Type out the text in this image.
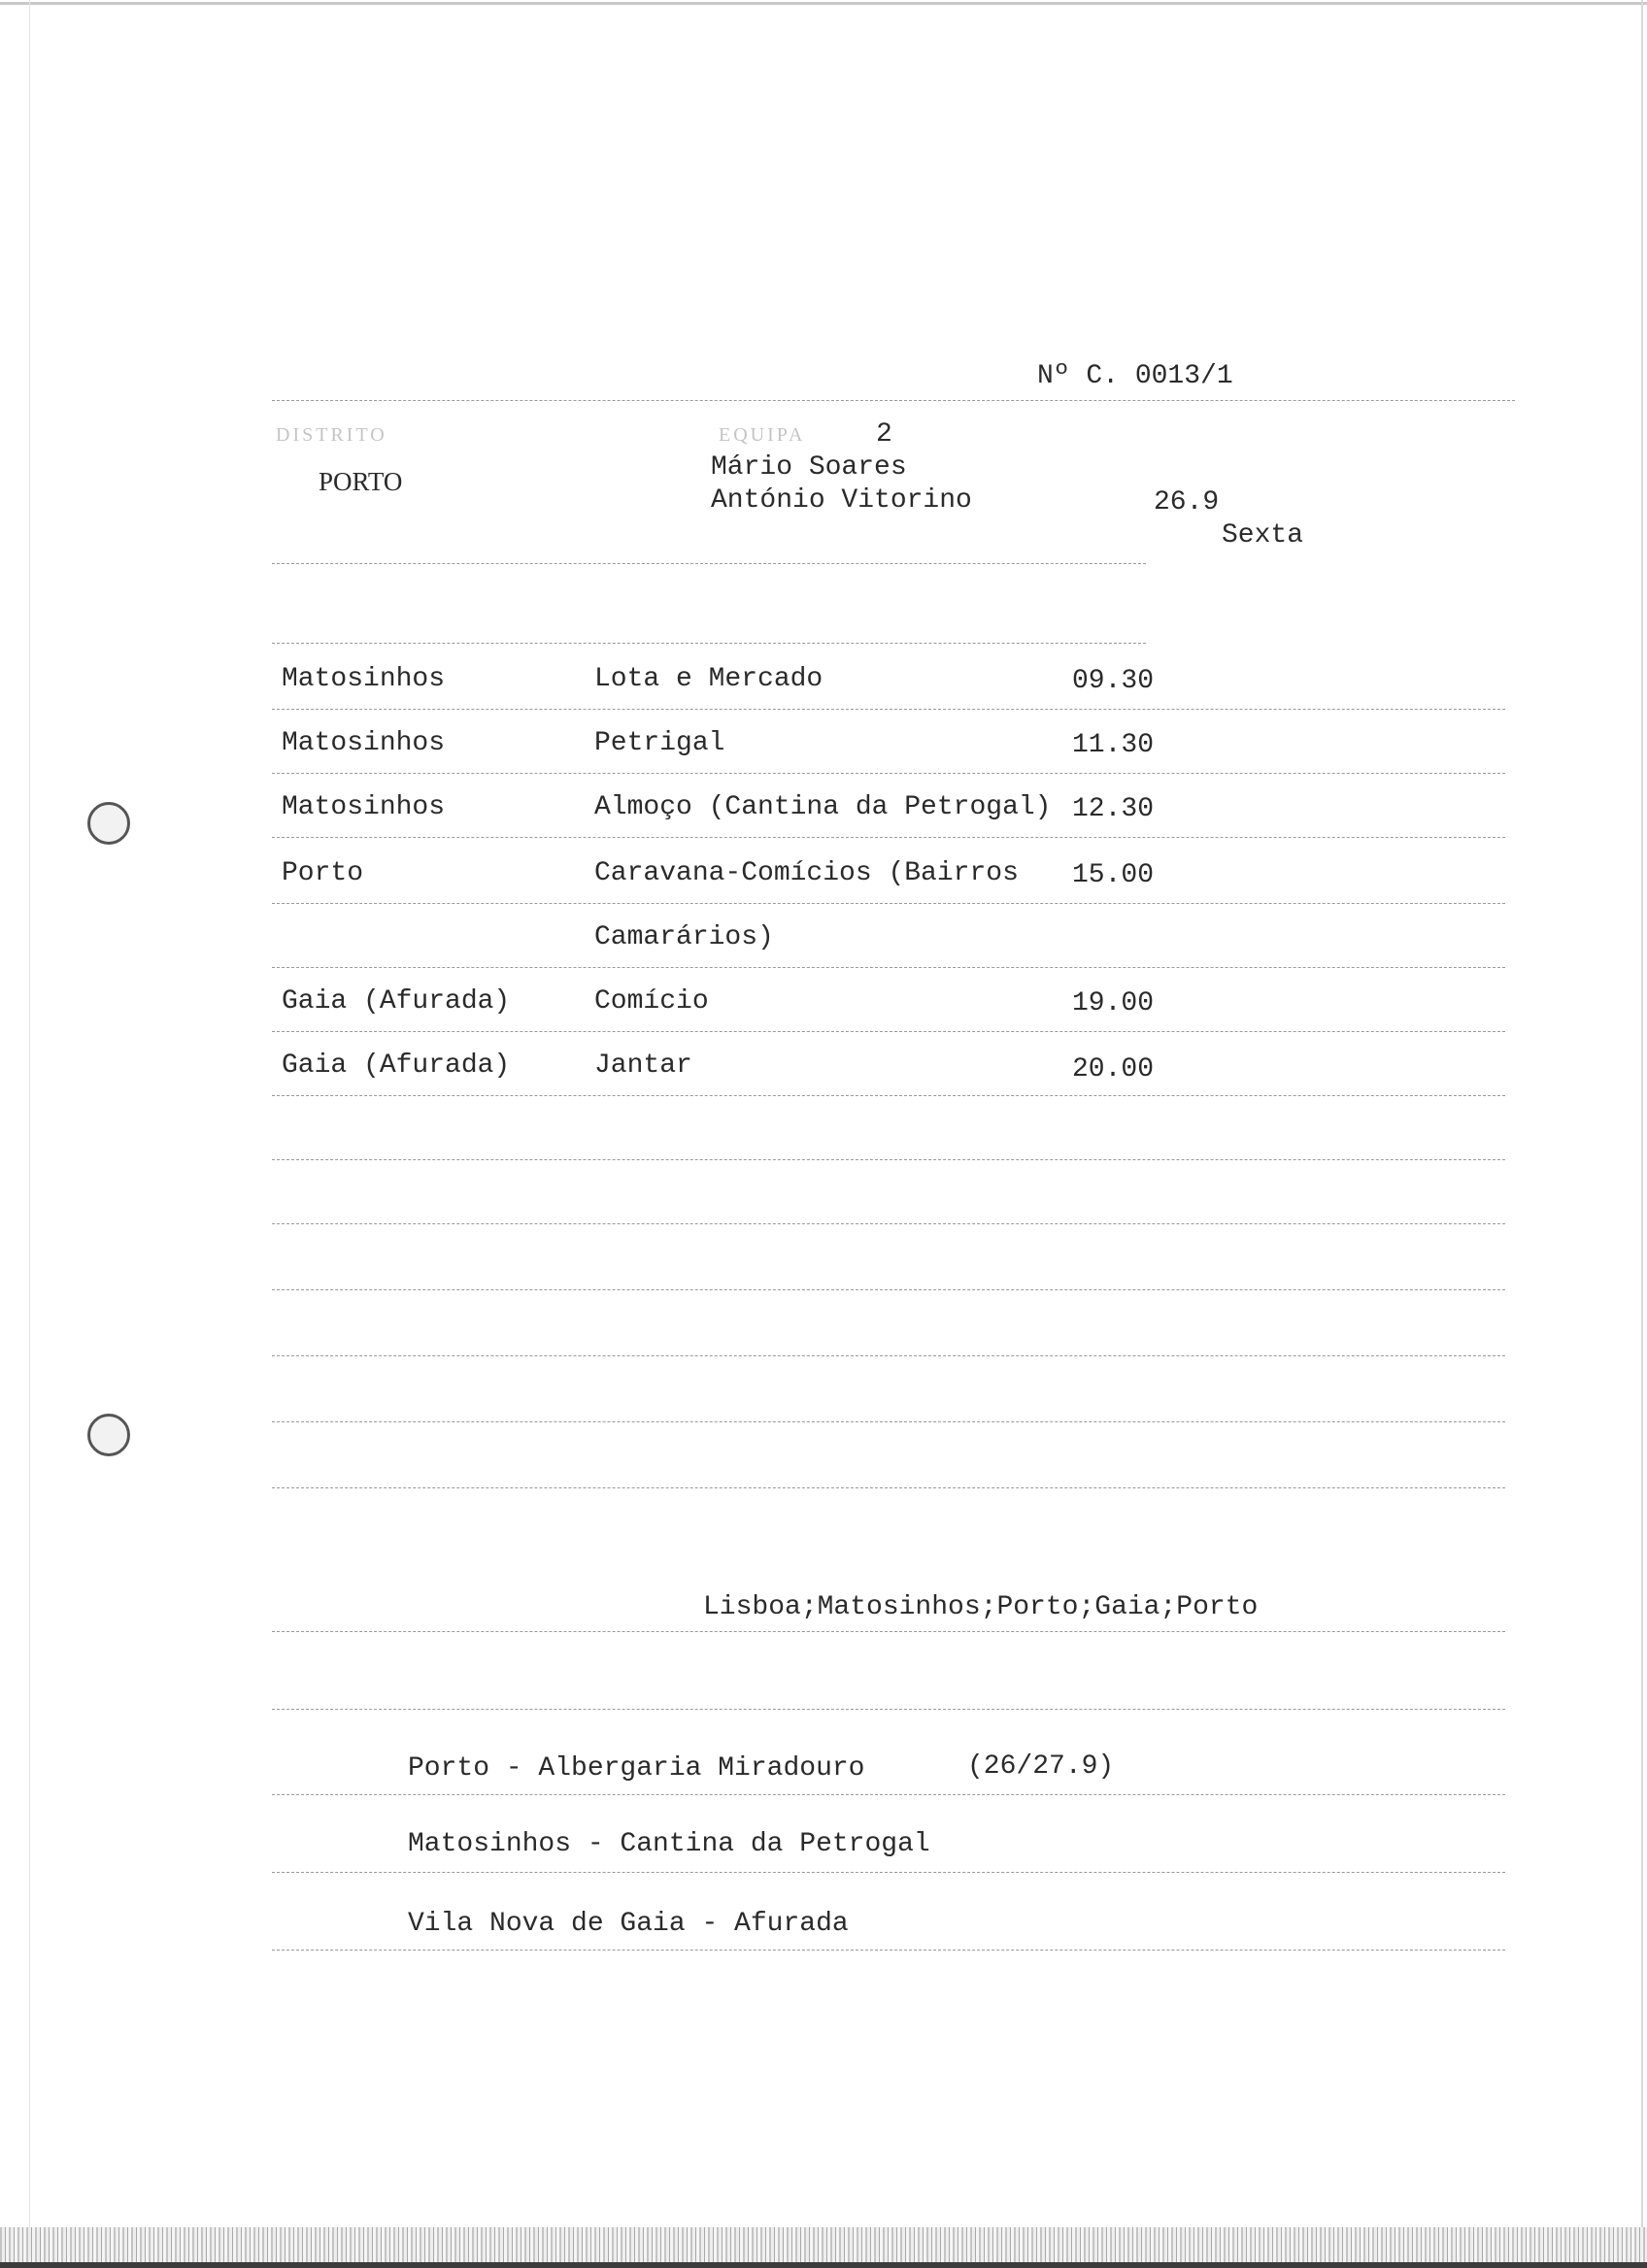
Nº C. 0013/1
DISTRITO	EQUIPA	2
PORTO	Mário Soares
António Vitorino	26.9
Sexta
Matosinhos	Lota e Mercado	09.30
Matosinhos	Petrigal	11.30
Matosinhos	Almoço (Cantina da Petrogal) 12.30
Porto	Caravana-Comícios (Bairros 15.00
Camarários)
Gaia (Afurada)	Comício	19.00
Gaia (Afurada)	Jantar	20.00
Lisboa;Matosinhos;Porto;Gaia;Porto
Porto - Albergaria Miradouro	(26/27.9)
Matosinhos - Cantina da Petrogal
Vila Nova de Gaia - Afurada
